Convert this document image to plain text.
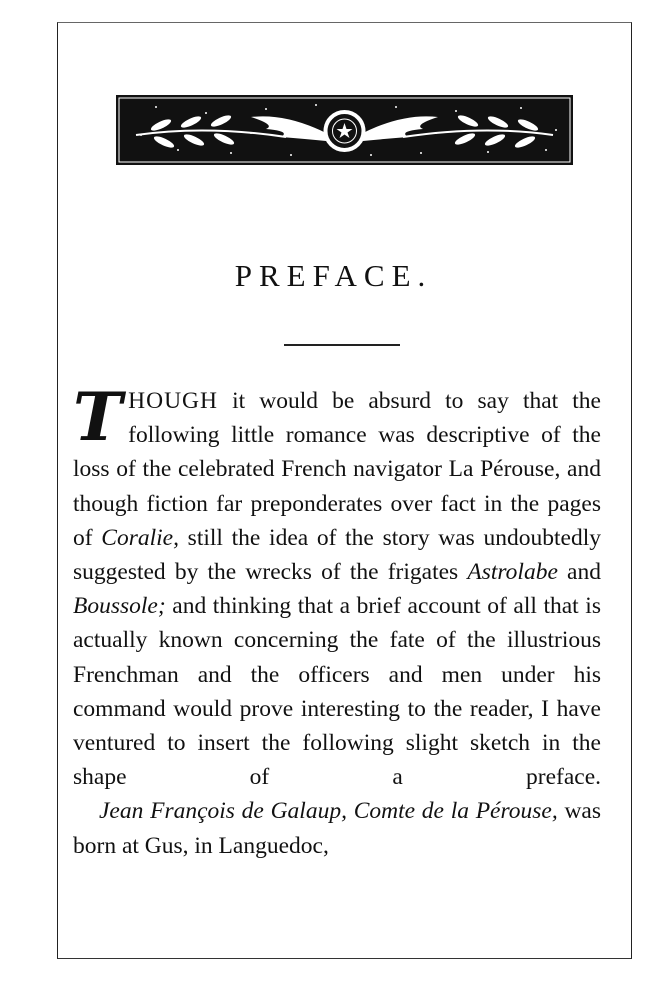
PREFACE.

THOUGH it would be absurd to say that the following little romance was descriptive of the loss of the celebrated French navigator La Pérouse, and though fiction far preponderates over fact in the pages of Coralie, still the idea of the story was undoubtedly suggested by the wrecks of the frigates Astrolabe and Boussole; and thinking that a brief account of all that is actually known concerning the fate of the illustrious Frenchman and the officers and men under his command would prove interesting to the reader, I have ventured to insert the following slight sketch in the shape of a preface.

Jean François de Galaup, Comte de la Pérouse, was born at Gus, in Languedoc,
